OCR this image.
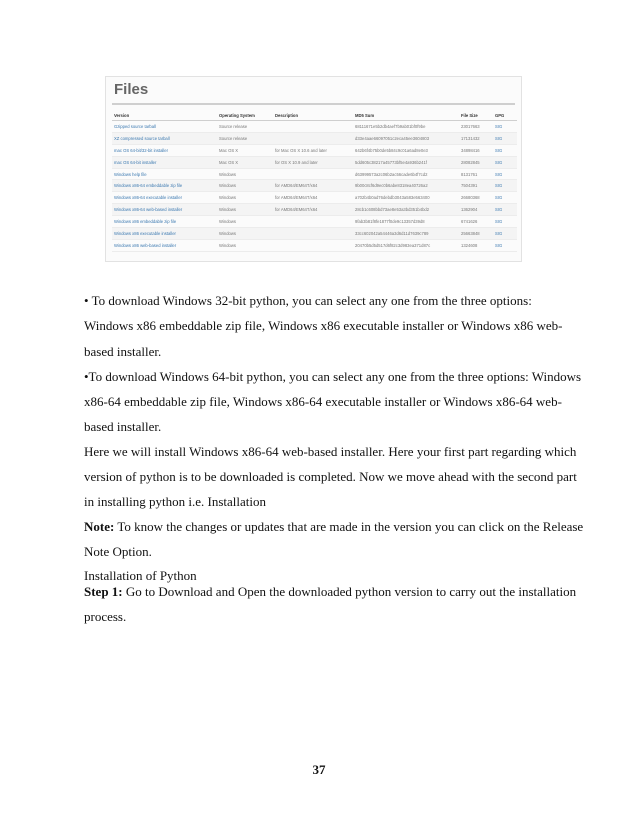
Files
Version	Operating System	Description	MD5 Sum	File Size	GPG
Gzipped source tarball	Source release		68111671e5b2db4aef7b9ab01bf0f9be	23017663	SIG
XZ compressed source tarball	Source release		d33e4aae66097051c2eca45ee3604803	17131432	SIG
mac OS 64-bit/32-bit installer	Mac OS X	for Mac OS X 10.6 and later	642b6f4b75b0de5b84c9c01a6ad8e0e3	34898416	SIG
mac OS 64-bit installer	Mac OS X	for OS X 10.9 and later	5dd605c38217a45773bf5e4a936b241f	28082845	SIG
Windows help file	Windows		d63999573a2c06b2ac56cade6b4f7cd2	8131761	SIG
Windows x86-64 embeddable zip file	Windows	for AMD64/EM64T/x64	9b00c8cf6d9ec0b6abe8318ea40726a2	7504391	SIG
Windows x86-64 executable installer	Windows	for AMD64/EM64T/x64	a702b4b0ad76debdb3043a583e563400	26680368	SIG
Windows x86-64 web-based installer	Windows	for AMD64/EM64T/x64	28cb1c608bbd73ae8e53a3bd351b4bd2	1362904	SIG
Windows x86 embeddable zip file	Windows		9fab3b81f8fe1877f0de9c13357d39d8	6741626	SIG
Windows x86 executable installer	Windows		33cc602042a54446a3d6d11d7639c789	25663848	SIG
Windows x86 web-based installer	Windows		20470b5d5d517d6f82c3d983ea371d87c	1324608	SIG
• To download Windows 32-bit python, you can select any one from the three options:
Windows x86 embeddable zip file, Windows x86 executable installer or Windows x86 web-
based installer.
•To download Windows 64-bit python, you can select any one from the three options: Windows
x86-64 embeddable zip file, Windows x86-64 executable installer or Windows x86-64 web-
based installer.
Here we will install Windows x86-64 web-based installer. Here your first part regarding which
version of python is to be downloaded is completed. Now we move ahead with the second part
in installing python i.e. Installation
Note: To know the changes or updates that are made in the version you can click on the Release
Note Option.
Installation of Python
Step 1: Go to Download and Open the downloaded python version to carry out the installation
process.
37
